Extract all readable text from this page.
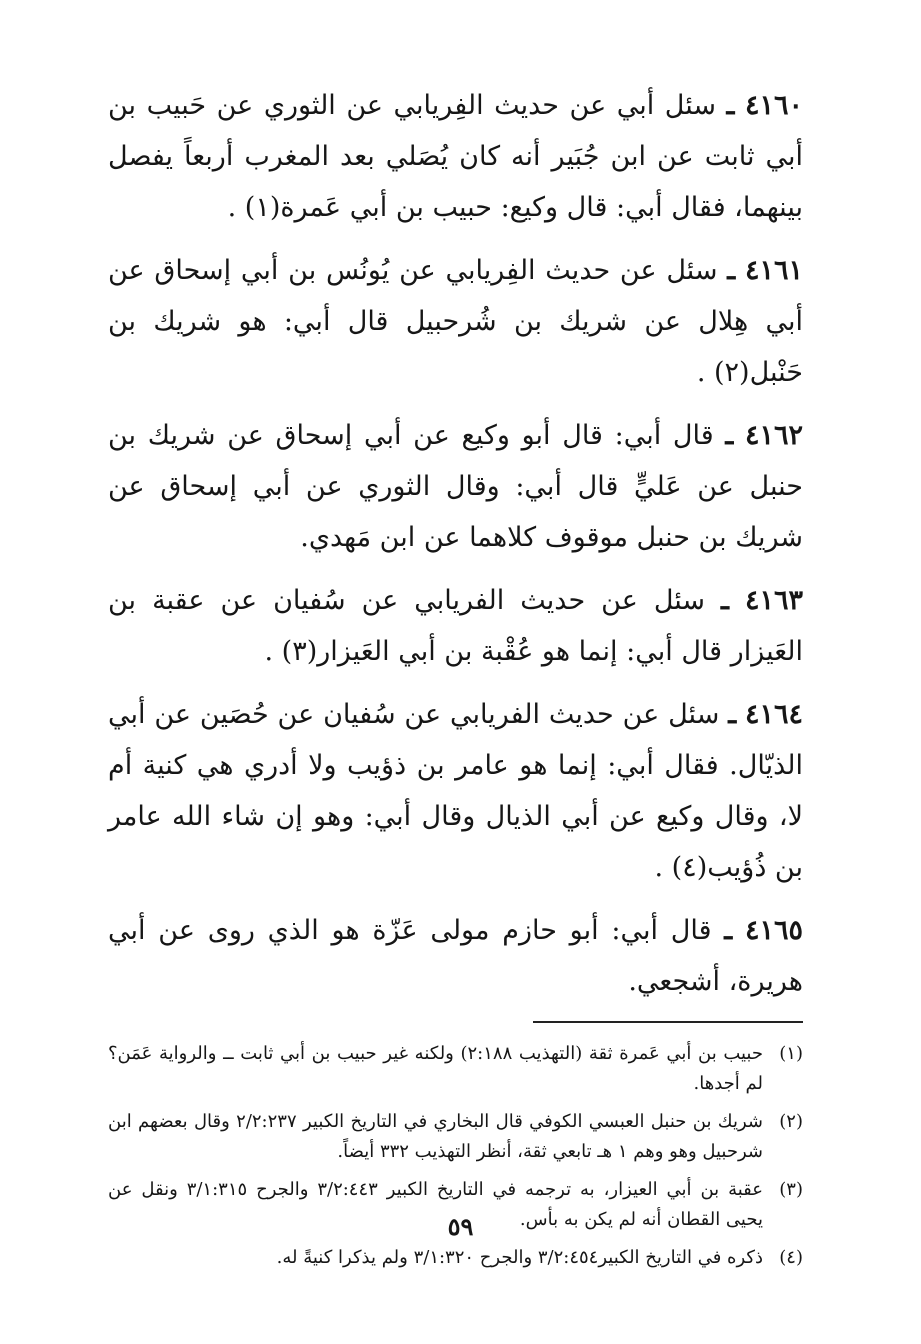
٤١٦٠ ـ سئل أبي عن حديث الفِريابي عن الثوري عن حَبيب بن أبي ثابت عن ابن جُبَير أنه كان يُصَلي بعد المغرب أربعاً يفصل بينهما، فقال أبي: قال وكيع: حبيب بن أبي عَمرة(١) .

٤١٦١ ـ سئل عن حديث الفِريابي عن يُونُس بن أبي إسحاق عن أبي هِلال عن شريك بن شُرحبيل قال أبي: هو شريك بن حَنْبل(٢) .

٤١٦٢ ـ قال أبي: قال أبو وكيع عن أبي إسحاق عن شريك بن حنبل عن عَليٍّ قال أبي: وقال الثوري عن أبي إسحاق عن شريك بن حنبل موقوف كلاهما عن ابن مَهدي.

٤١٦٣ ـ سئل عن حديث الفريابي عن سُفيان عن عقبة بن العَيزار قال أبي: إنما هو عُقْبة بن أبي العَيزار(٣) .

٤١٦٤ ـ سئل عن حديث الفريابي عن سُفيان عن حُصَين عن أبي الذيّال. فقال أبي: إنما هو عامر بن ذؤيب ولا أدري هي كنية أم لا، وقال وكيع عن أبي الذيال وقال أبي: وهو إن شاء الله عامر بن ذُؤيب(٤) .

٤١٦٥ ـ قال أبي: أبو حازم مولى عَزّة هو الذي روى عن أبي هريرة، أشجعي.

(١)
حبيب بن أبي عَمرة ثقة (التهذيب ٢:١٨٨) ولكنه غير حبيب بن أبي ثابت ــ والرواية عَمَن؟ لم أجدها.
(٢)
شريك بن حنبل العبسي الكوفي قال البخاري في التاريخ الكبير ٢/٢:٢٣٧ وقال بعضهم ابن شرحبيل وهو وهم ١ هـ تابعي ثقة، أنظر التهذيب ٣٣٢ أيضاً.
(٣)
عقبة بن أبي العيزار، به ترجمه في التاريخ الكبير ٣/٢:٤٤٣ والجرح ٣/١:٣١٥ ونقل عن يحيى القطان أنه لم يكن به بأس.
(٤)
ذكره في التاريخ الكبير٣/٢:٤٥٤ والجرح ٣/١:٣٢٠ ولم يذكرا كنيةً له.
٥٩
